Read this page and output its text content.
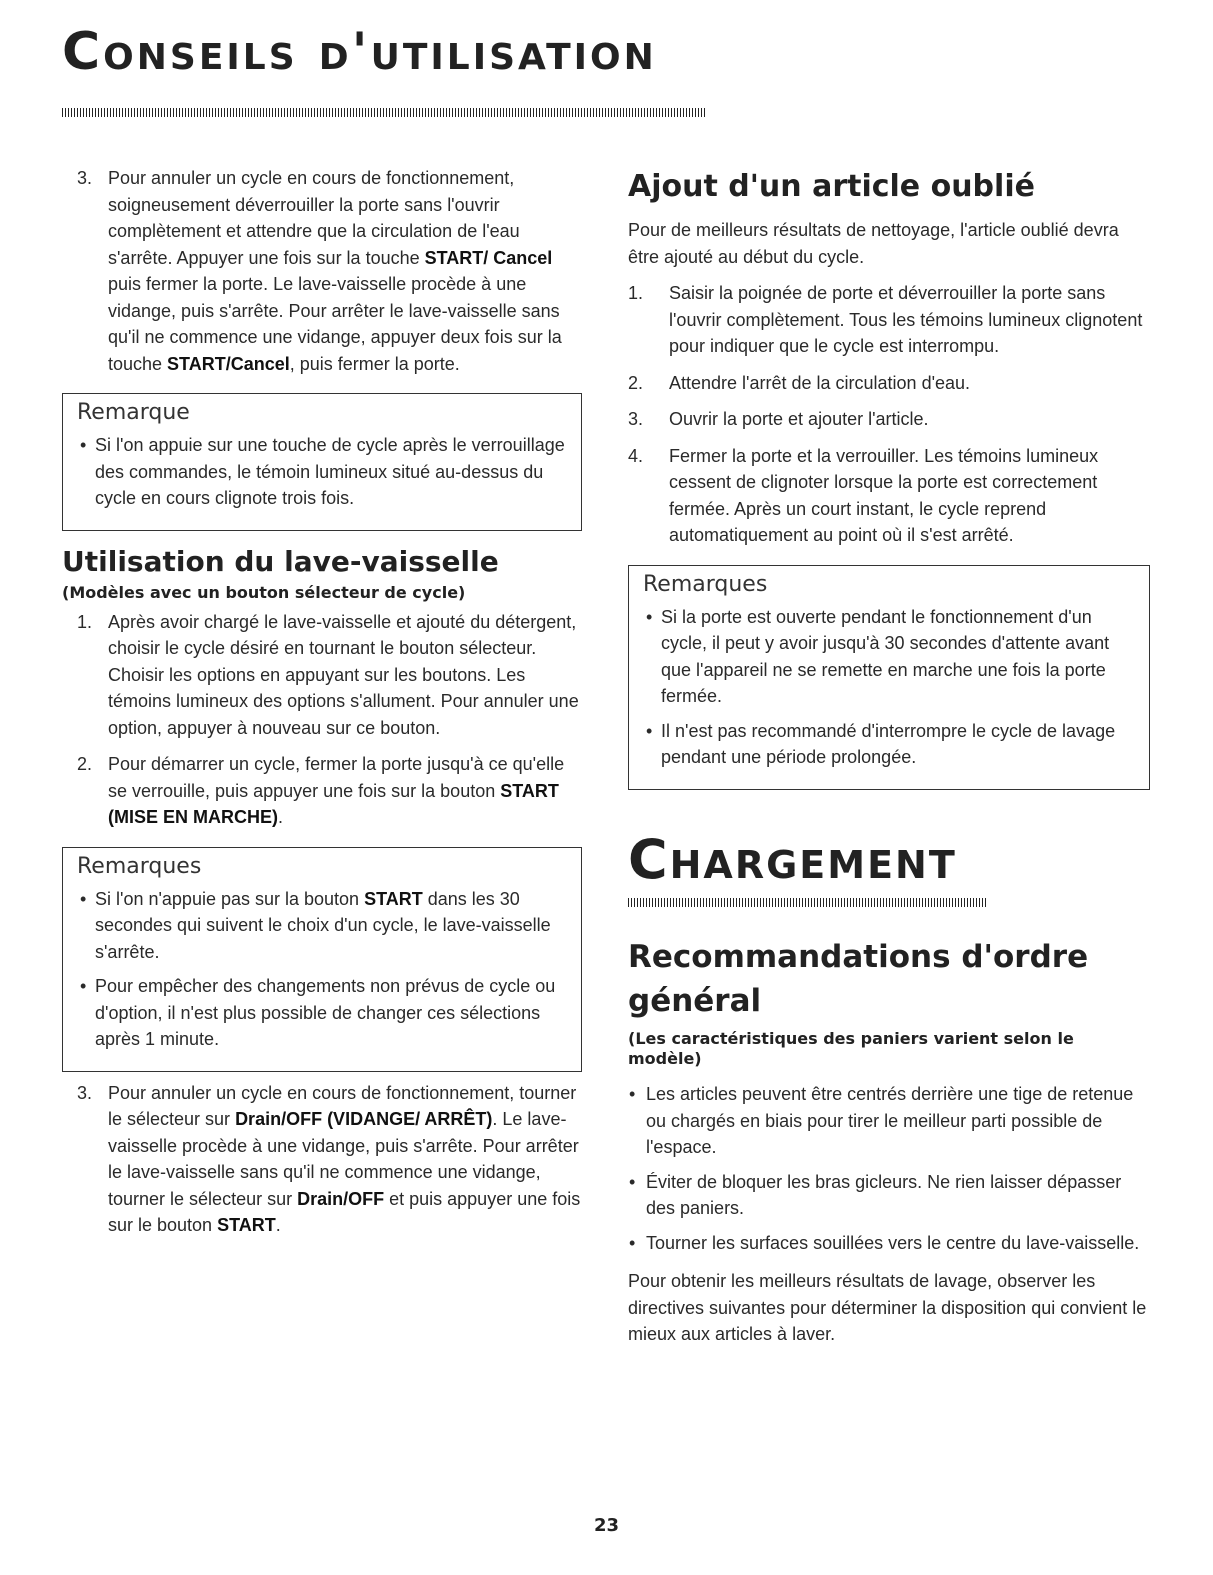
Conseils d'utilisation
3. Pour annuler un cycle en cours de fonctionnement, soigneusement déverrouiller la porte sans l'ouvrir complètement et attendre que la circulation de l'eau s'arrête. Appuyer une fois sur la touche START/ Cancel puis fermer la porte. Le lave-vaisselle procède à une vidange, puis s'arrête. Pour arrêter le lave-vaisselle sans qu'il ne commence une vidange, appuyer deux fois sur la touche START/Cancel, puis fermer la porte.
Remarque
• Si l'on appuie sur une touche de cycle après le verrouillage des commandes, le témoin lumineux situé au-dessus du cycle en cours clignote trois fois.
Utilisation du lave-vaisselle
(Modèles avec un bouton sélecteur de cycle)
1. Après avoir chargé le lave-vaisselle et ajouté du détergent, choisir le cycle désiré en tournant le bouton sélecteur. Choisir les options en appuyant sur les boutons. Les témoins lumineux des options s'allument. Pour annuler une option, appuyer à nouveau sur ce bouton.
2. Pour démarrer un cycle, fermer la porte jusqu'à ce qu'elle se verrouille, puis appuyer une fois sur la bouton START (MISE EN MARCHE).
Remarques
• Si l'on n'appuie pas sur la bouton START dans les 30 secondes qui suivent le choix d'un cycle, le lave-vaisselle s'arrête.
• Pour empêcher des changements non prévus de cycle ou d'option, il n'est plus possible de changer ces sélections après 1 minute.
3. Pour annuler un cycle en cours de fonctionnement, tourner le sélecteur sur Drain/OFF (VIDANGE/ ARRÊT). Le lave-vaisselle procède à une vidange, puis s'arrête. Pour arrêter le lave-vaisselle sans qu'il ne commence une vidange, tourner le sélecteur sur Drain/OFF et puis appuyer une fois sur le bouton START.
Ajout d'un article oublié

Pour de meilleurs résultats de nettoyage, l'article oublié devra être ajouté au début du cycle.

1. Saisir la poignée de porte et déverrouiller la porte sans l'ouvrir complètement. Tous les témoins lumineux clignotent pour indiquer que le cycle est interrompu.
2. Attendre l'arrêt de la circulation d'eau.
3. Ouvrir la porte et ajouter l'article.
4. Fermer la porte et la verrouiller. Les témoins lumineux cessent de clignoter lorsque la porte est correctement fermée. Après un court instant, le cycle reprend automatiquement au point où il s'est arrêté.
Remarques
• Si la porte est ouverte pendant le fonctionnement d'un cycle, il peut y avoir jusqu'à 30 secondes d'attente avant que l'appareil ne se remette en marche une fois la porte fermée.
• Il n'est pas recommandé d'interrompre le cycle de lavage pendant une période prolongée.
Chargement
Recommandations d'ordre général
(Les caractéristiques des paniers varient selon le modèle)
• Les articles peuvent être centrés derrière une tige de retenue ou chargés en biais pour tirer le meilleur parti possible de l'espace.
• Éviter de bloquer les bras gicleurs. Ne rien laisser dépasser des paniers.
• Tourner les surfaces souillées vers le centre du lave-vaisselle.

Pour obtenir les meilleurs résultats de lavage, observer les directives suivantes pour déterminer la disposition qui convient le mieux aux articles à laver.

23
